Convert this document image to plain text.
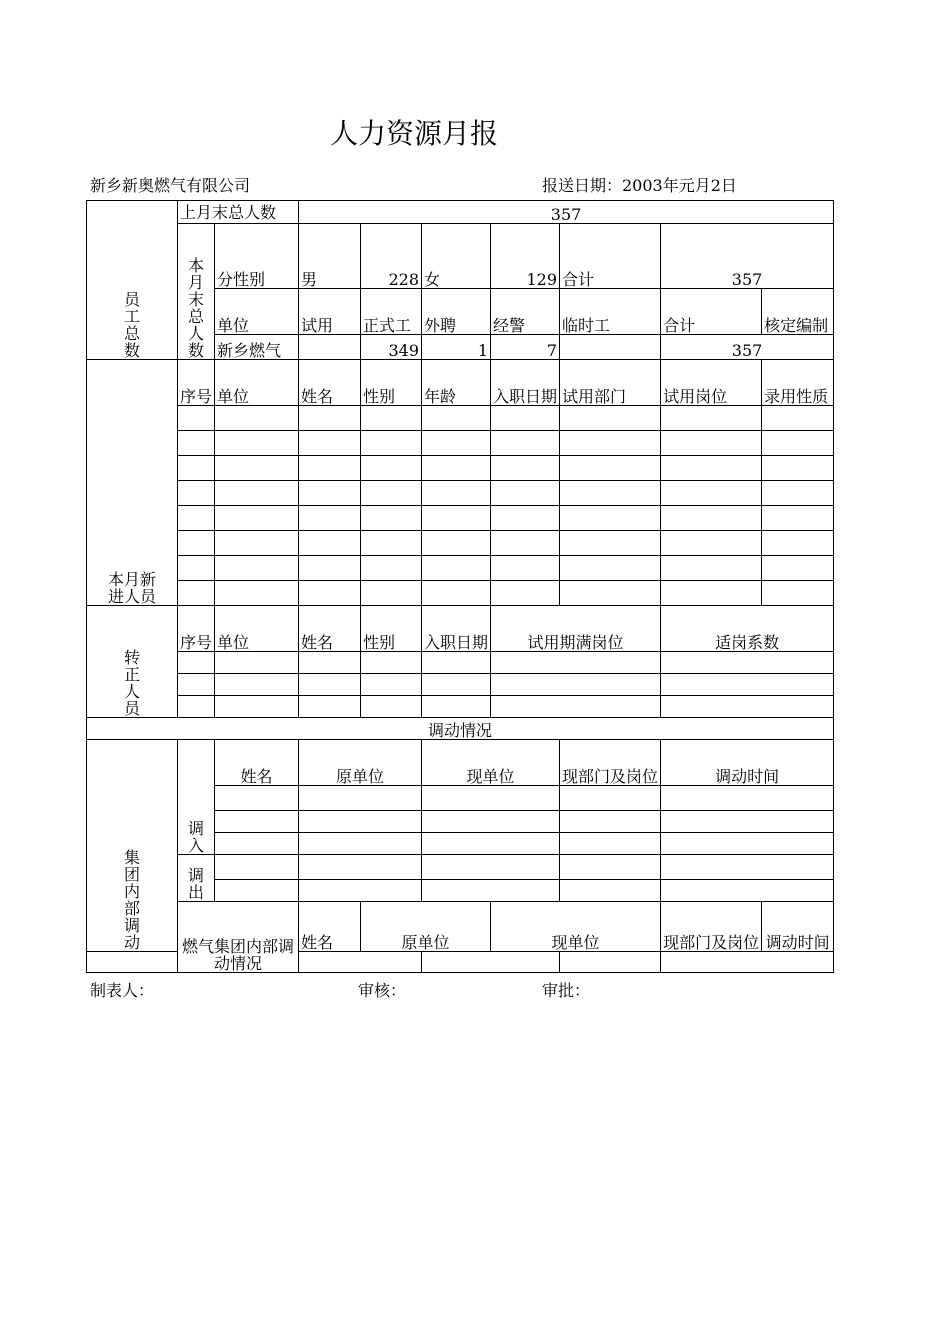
人力资源月报
新乡新奥燃气有限公司	报送日期：2003年元月2日
员工总数	上月末总人数		357						
	本月末总人数	分性别	男	228	女	129	合计	357	
		单位	试用	正式工	外聘	经警	临时工	合计	核定编制
		新乡燃气		349	1	7		357	
本月新进人员	序号	单位	姓名	性别	年龄	入职日期	试用部门	试用岗位	录用性质

转正人员	序号	单位	姓名	性别	入职日期	试用期满岗位		适岗系数	

调动情况									
集团内部调动	调入	姓名	原单位		现单位		现部门及岗位	调动时间	

	调出								

	燃气集团内部调动情况		姓名	原单位		现单位		现部门及岗位	调动时间

制表人：	审核：	审批：
